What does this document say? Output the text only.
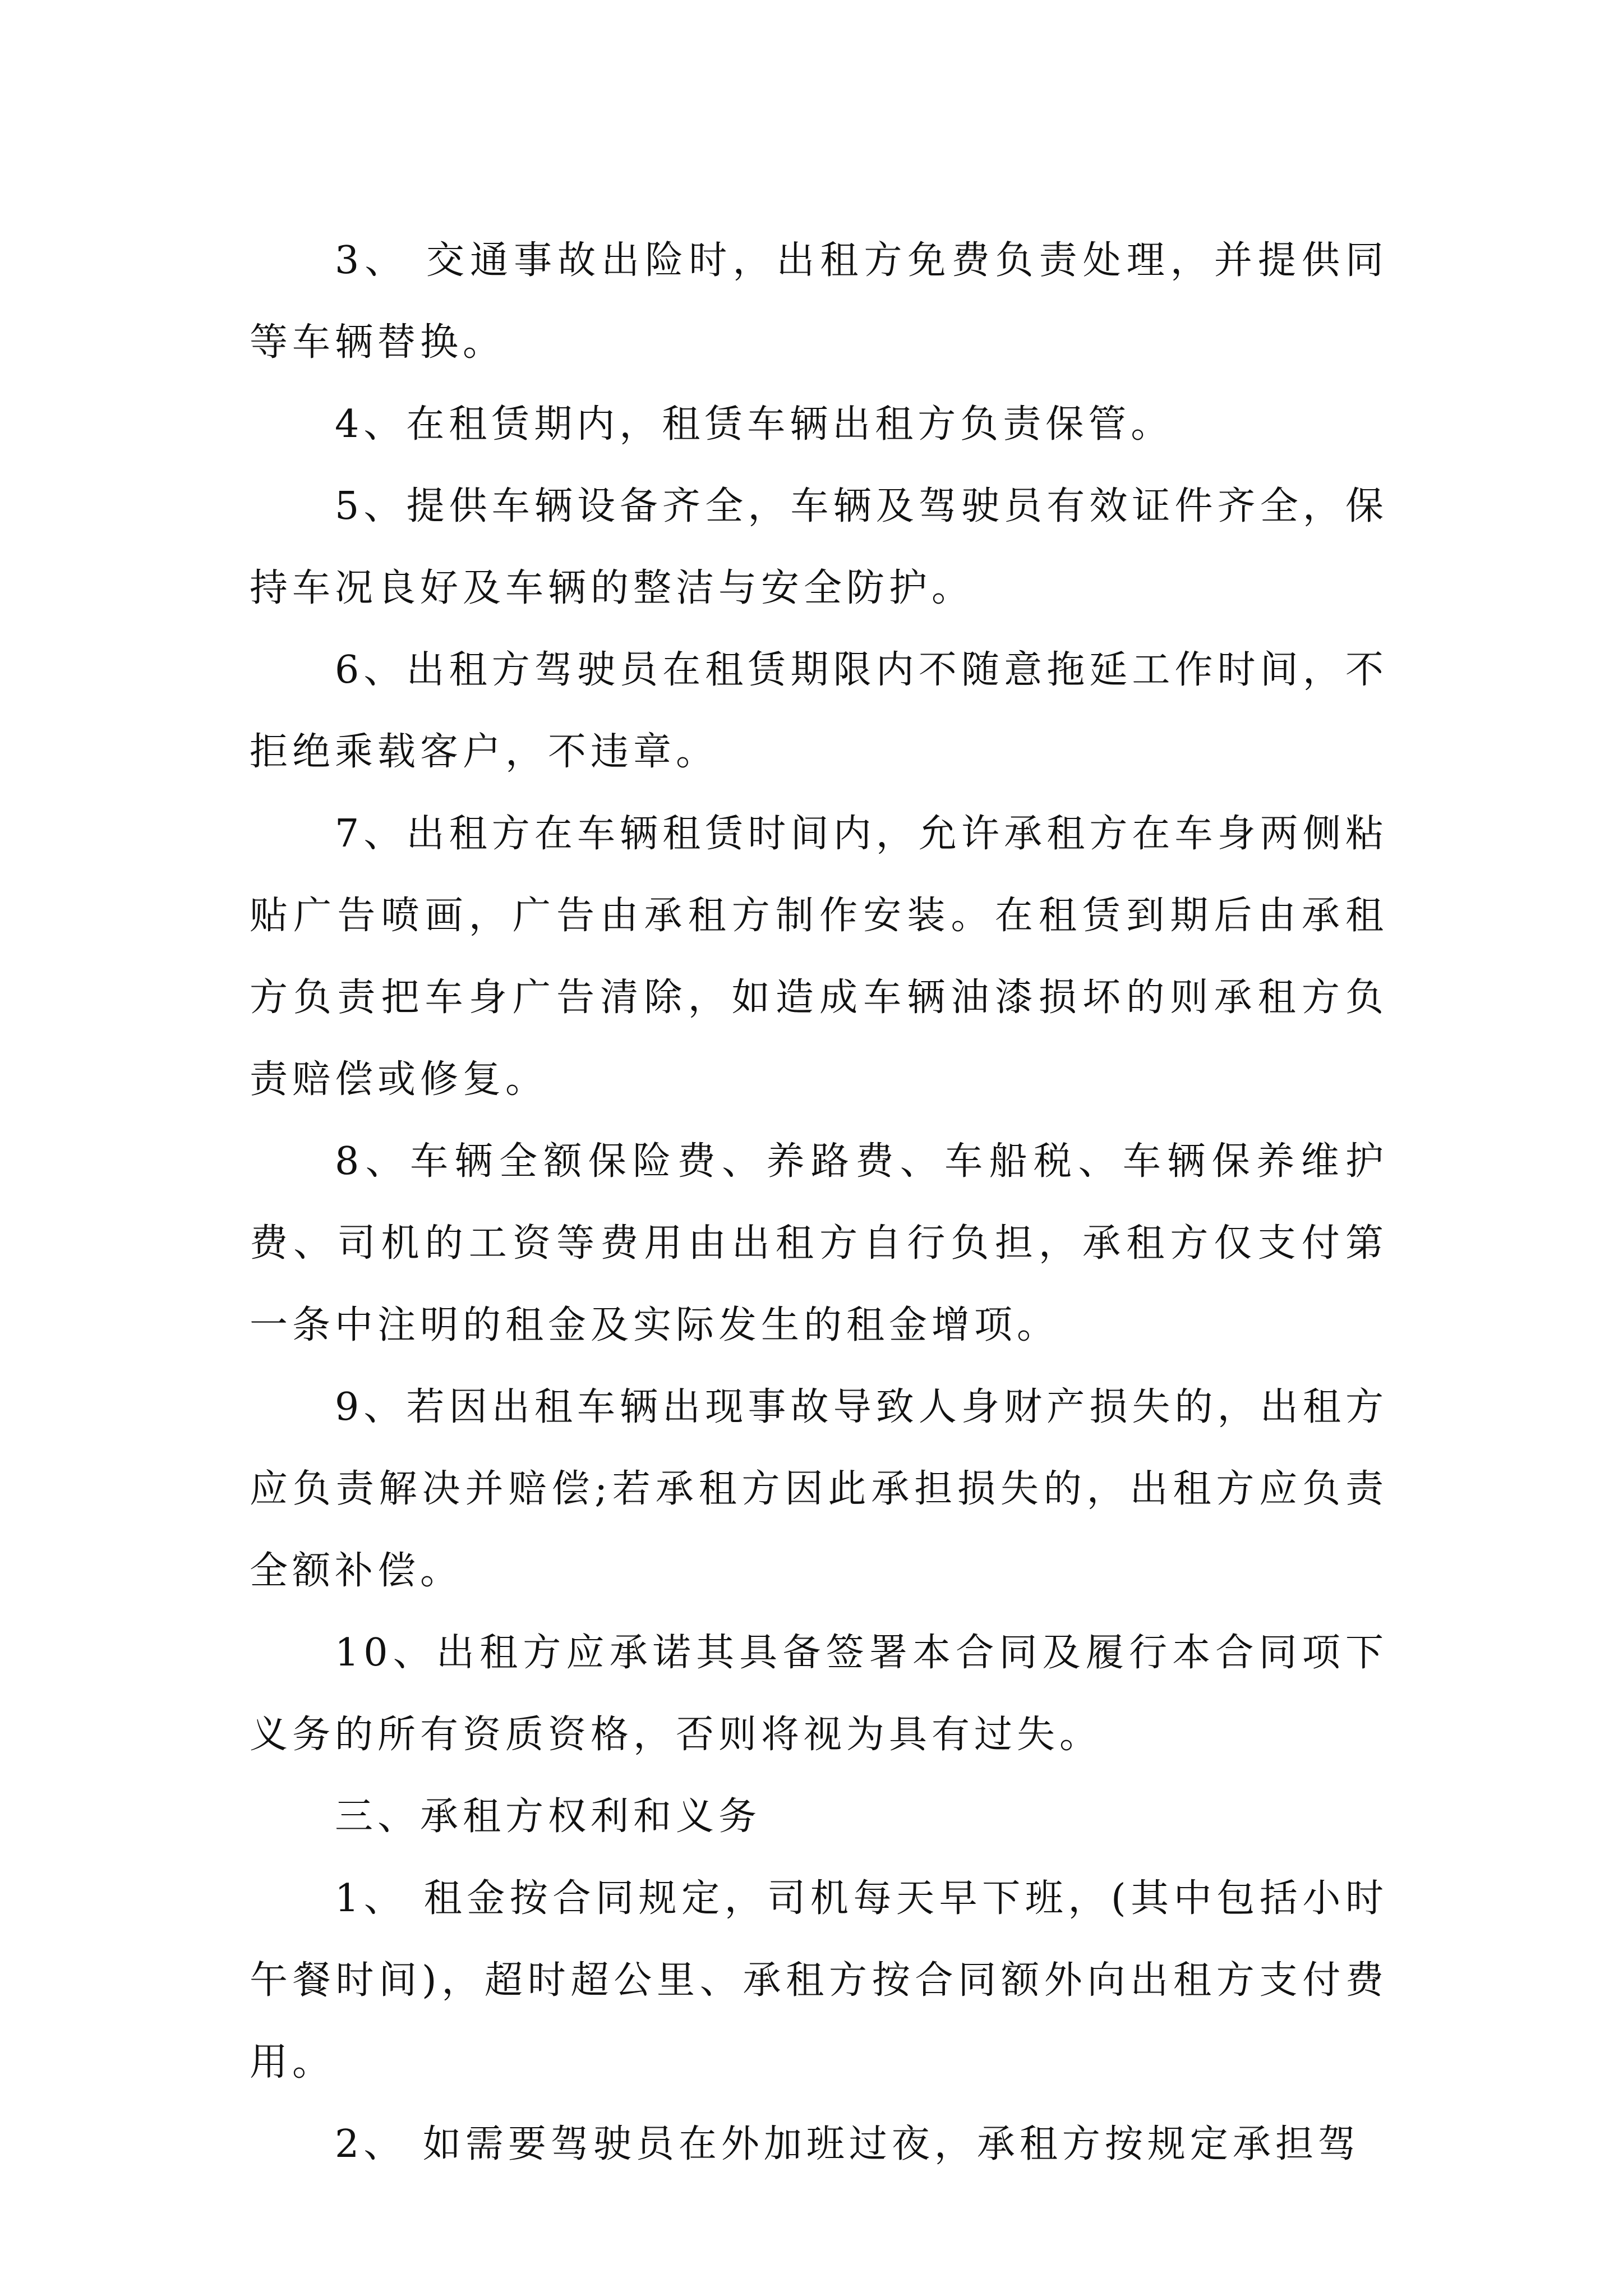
3、 交通事故出险时，出租方免费负责处理，并提供同等车辆替换。

4、在租赁期内，租赁车辆出租方负责保管。

5、提供车辆设备齐全，车辆及驾驶员有效证件齐全，保持车况良好及车辆的整洁与安全防护。

6、出租方驾驶员在租赁期限内不随意拖延工作时间，不拒绝乘载客户，不违章。

7、出租方在车辆租赁时间内，允许承租方在车身两侧粘贴广告喷画，广告由承租方制作安装。在租赁到期后由承租方负责把车身广告清除，如造成车辆油漆损坏的则承租方负责赔偿或修复。

8、车辆全额保险费、养路费、车船税、车辆保养维护费、司机的工资等费用由出租方自行负担，承租方仅支付第一条中注明的租金及实际发生的租金增项。

9、若因出租车辆出现事故导致人身财产损失的，出租方应负责解决并赔偿;若承租方因此承担损失的，出租方应负责全额补偿。

10、出租方应承诺其具备签署本合同及履行本合同项下义务的所有资质资格，否则将视为具有过失。

三、承租方权利和义务

1、 租金按合同规定，司机每天早下班，(其中包括小时午餐时间)，超时超公里、承租方按合同额外向出租方支付费用。

2、 如需要驾驶员在外加班过夜，承租方按规定承担驾
